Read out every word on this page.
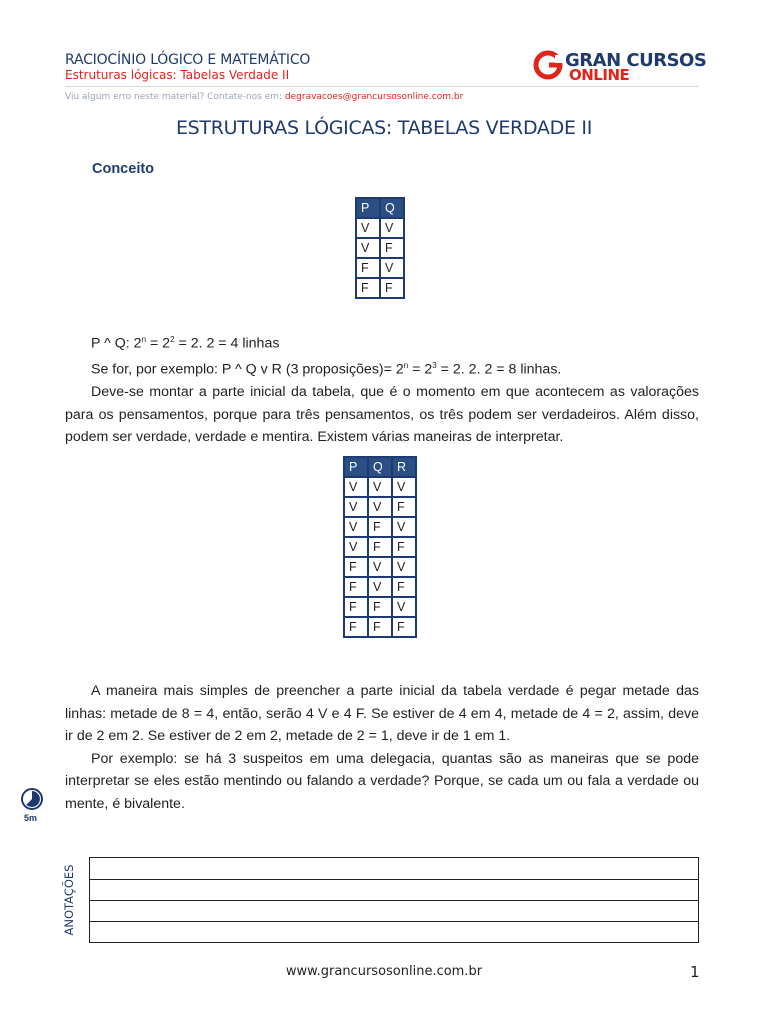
RACIOCÍNIO LÓGICO E MATEMÁTICO
Estruturas lógicas: Tabelas Verdade II
GRAN CURSOS
ONLINE
Viu algum erro neste material? Contate-nos em: degravacoes@grancursosonline.com.br
ESTRUTURAS LÓGICAS: TABELAS VERDADE II
Conceito
P	Q
V	V
V	F
F	V
F	F

P ^ Q: $2^n = 2^2 = 2$. 2 = 4 linhas

Se for, por exemplo: P ^ Q v R (3 proposições)= $2^n = 2^3 = 2$. 2. 2 = 8 linhas.

Deve-se montar a parte inicial da tabela, que é o momento em que acontecem as valorações para os pensamentos, porque para três pensamentos, os três podem ser verdadeiros. Além disso, podem ser verdade, verdade e mentira. Existem várias maneiras de interpretar.

P	Q	R
V	V	V
V	V	F
V	F	V
V	F	F
F	V	V
F	V	F
F	F	V
F	F	F

A maneira mais simples de preencher a parte inicial da tabela verdade é pegar metade das linhas: metade de 8 = 4, então, serão 4 V e 4 F. Se estiver de 4 em 4, metade de 4 = 2, assim, deve ir de 2 em 2. Se estiver de 2 em 2, metade de 2 = 1, deve ir de 1 em 1.

Por exemplo: se há 3 suspeitos em uma delegacia, quantas são as maneiras que se pode interpretar se eles estão mentindo ou falando a verdade? Porque, se cada um ou fala a verdade ou mente, é bivalente.

5m
ANOTAÇÕES
www.grancursosonline.com.br	1
